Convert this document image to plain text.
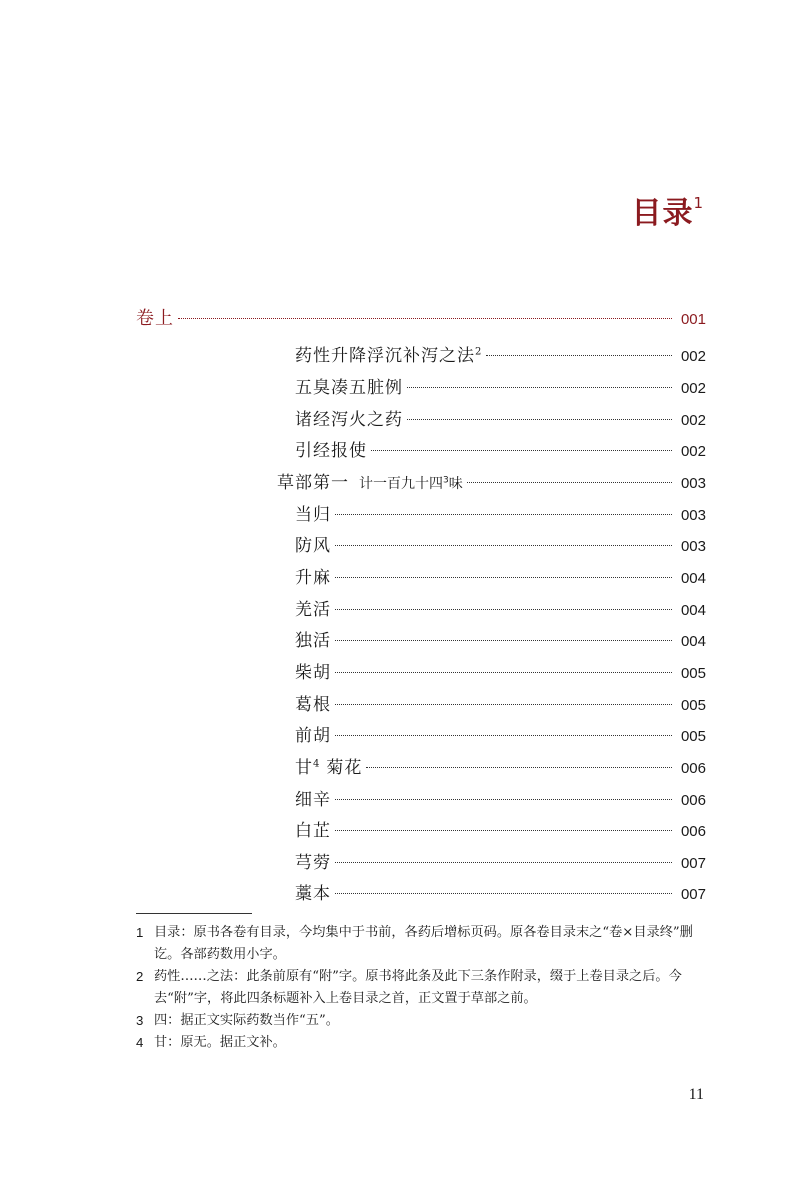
目录$^1$
卷上	001
药性升降浮沉补泻之法$^2$	002
五臭凑五脏例	002
诸经泻火之药	002
引经报使	002
草部第一 计一百九十四$^3$味	003
当归	003
防风	003
升麻	004
羌活	004
独活	004
柴胡	005
葛根	005
前胡	005
甘$^4$ 菊花	006
细辛	006
白芷	006
芎䓖	007
藁本	007
1 目录：原书各卷有目录，今均集中于书前，各药后增标页码。原各卷目录末之“卷×目录终”删讫。各部药数用小字。
2 药性……之法：此条前原有“附”字。原书将此条及此下三条作附录，缀于上卷目录之后。今去“附”字，将此四条标题补入上卷目录之首，正文置于草部之前。
3 四：据正文实际药数当作“五”。
4 甘：原无。据正文补。
11
